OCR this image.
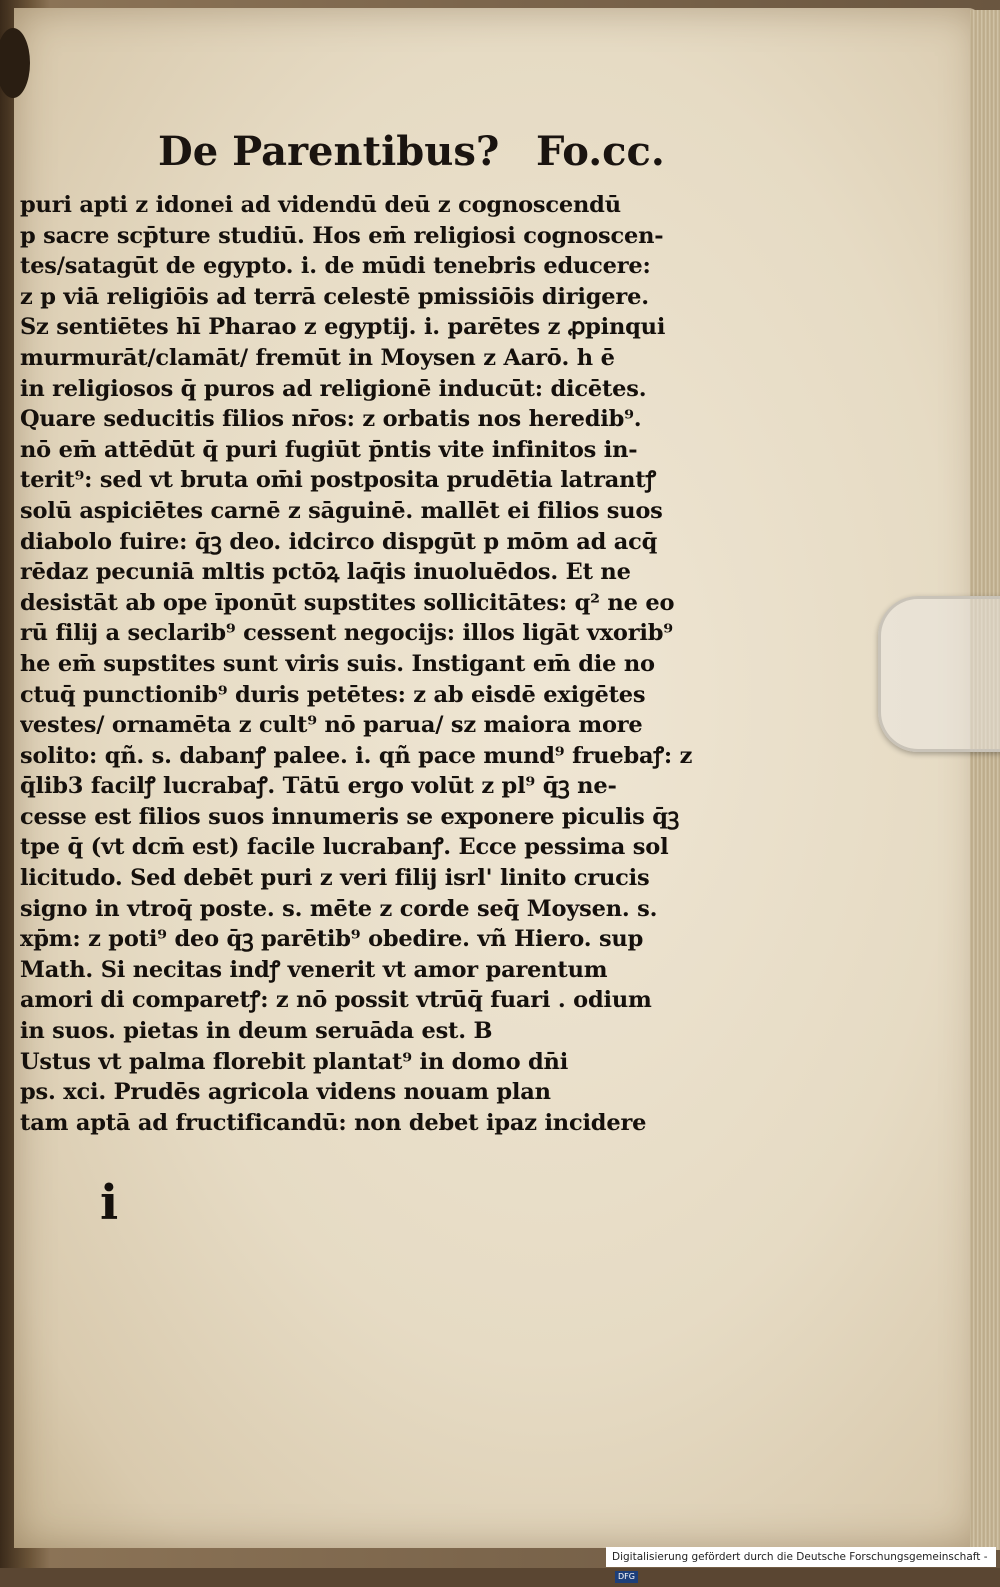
De Parentibus? Fo.cc.
puri apti z idonei ad videndū deū z cognoscendū
p sacre scp̄ture studiū. Hos em̄ religiosi cognoscen-
tes/satagūt de egypto. i. de mūdi tenebris educere:
z p viā religiōis ad terrā celestē pmissiōis dirigere.
Sz sentiētes hī Pharao z egyptij. i. parētes z ꝓpinqui
murmurāt/clamāt/ fremūt in Moysen z Aarō. h ē
in religiosos q̄ puros ad religionē inducūt: dicētes.
Quare seducitis filios nr̄os: z orbatis nos heredib⁹.
nō em̄ attēdūt q̄ puri fugiūt p̄ntis vite infinitos in-
terit⁹: sed vt bruta om̄i postposita prudētia latrantꝭ
solū aspiciētes carnē z sāguinē. mallēt ei filios suos
diabolo fuire: q̄ꝫ deo. idcirco dispgūt p mōm ad acq̄
rēdaz pecuniā mltis pctōꝝ laq̄is inuoluēdos. Et ne
desistāt ab ope īponūt supstites sollicitātes: q² ne eo
rū filij a seclarib⁹ cessent negocijs: illos ligāt vxorib⁹
he em̄ supstites sunt viris suis. Instigant em̄ die no
ctuq̄ punctionib⁹ duris petētes: z ab eisdē exigētes
vestes/ ornamēta z cult⁹ nō parua/ sz maiora more
solito: qñ. s. dabanꝭ palee. i. qñ pace mund⁹ fruebaꝭ: z
q̄lib3 facilꝭ lucrabaꝭ. Tātū ergo volūt z pl⁹ q̄ꝫ ne-
cesse est filios suos innumeris se exponere piculis q̄ꝫ
tpe q̄ (vt dcm̄ est) facile lucrabanꝭ. Ecce pessima sol
licitudo. Sed debēt puri z veri filij isrl' linito crucis
signo in vtroq̄ poste. s. mēte z corde seq̄ Moysen. s.
xp̄m: z poti⁹ deo q̄ꝫ parētib⁹ obedire. vñ Hiero. sup
Math. Si necitas indꝭ venerit vt amor parentum
amori di comparetꝭ: z nō possit vtrūq̄ fuari . odium
in suos. pietas in deum seruāda est. B
Ustus vt palma florebit plantat⁹ in domo dn̄i
ps. xci. Prudēs agricola videns nouam plan
tam aptā ad fructificandū: non debet ipaz incidere
i
Digitalisierung gefördert durch die Deutsche Forschungsgemeinschaft -DFG
